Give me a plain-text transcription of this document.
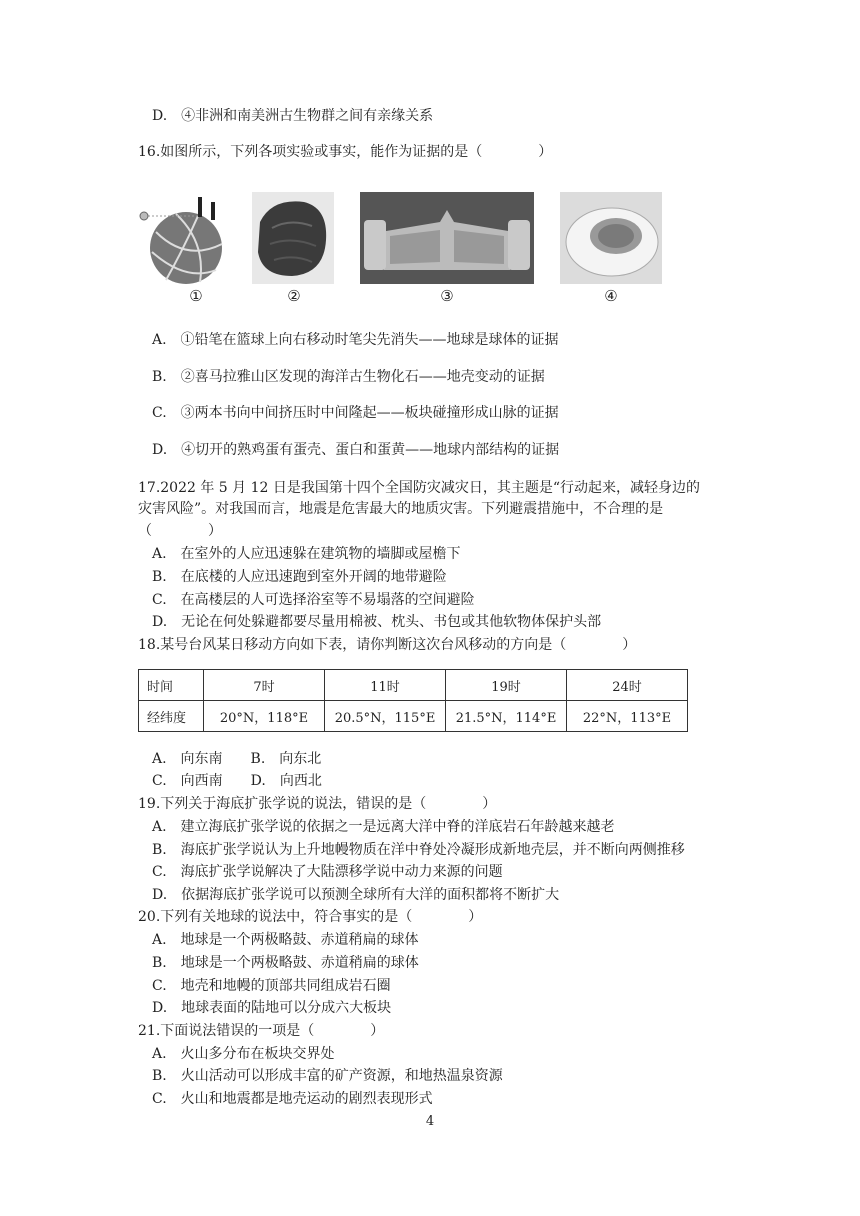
D.　④非洲和南美洲古生物群之间有亲缘关系
16.如图所示，下列各项实验或事实，能作为证据的是（　　　　）
①	②	③	④
A.　①铅笔在篮球上向右移动时笔尖先消失——地球是球体的证据
B.　②喜马拉雅山区发现的海洋古生物化石——地壳变动的证据
C.　③两本书向中间挤压时中间隆起——板块碰撞形成山脉的证据
D.　④切开的熟鸡蛋有蛋壳、蛋白和蛋黄——地球内部结构的证据
17.2022 年 5 月 12 日是我国第十四个全国防灾减灾日，其主题是“行动起来，减轻身边的
灾害风险”。对我国而言，地震是危害最大的地质灾害。下列避震措施中，不合理的是
（　　　　）
A.　在室外的人应迅速躲在建筑物的墙脚或屋檐下
B.　在底楼的人应迅速跑到室外开阔的地带避险
C.　在高楼层的人可选择浴室等不易塌落的空间避险
D.　无论在何处躲避都要尽量用棉被、枕头、书包或其他软物体保护头部
18.某号台风某日移动方向如下表，请你判断这次台风移动的方向是（　　　　）
时间	7时	11时	19时	24时
经纬度	20°N，118°E	20.5°N，115°E	21.5°N，114°E	22°N，113°E
A.　向东南　　B.　向东北
C.　向西南　　D.　向西北
19.下列关于海底扩张学说的说法，错误的是（　　　　）
A.　建立海底扩张学说的依据之一是远离大洋中脊的洋底岩石年龄越来越老
B.　海底扩张学说认为上升地幔物质在洋中脊处冷凝形成新地壳层，并不断向两侧推移
C.　海底扩张学说解决了大陆漂移学说中动力来源的问题
D.　依据海底扩张学说可以预测全球所有大洋的面积都将不断扩大
20.下列有关地球的说法中，符合事实的是（　　　　）
A.　地球是一个两极略鼓、赤道稍扁的球体
B.　地球是一个两极略鼓、赤道稍扁的球体
C.　地壳和地幔的顶部共同组成岩石圈
D.　地球表面的陆地可以分成六大板块
21.下面说法错误的一项是（　　　　）
A.　火山多分布在板块交界处
B.　火山活动可以形成丰富的矿产资源，和地热温泉资源
C.　火山和地震都是地壳运动的剧烈表现形式
4
